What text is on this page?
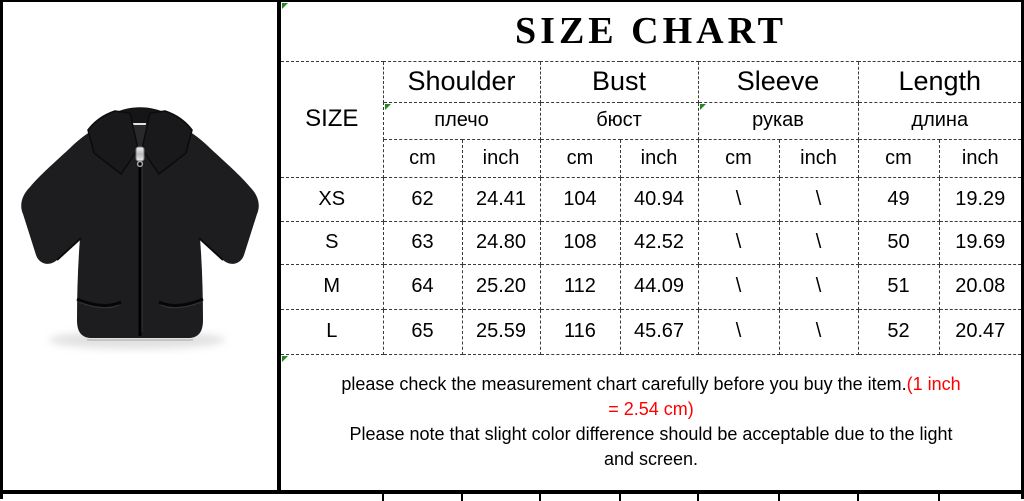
SIZE CHART								
SIZE	Shoulder		Bust		Sleeve		Length	
	плечо		бюст		рукав		длина	
	cm	inch	cm	inch	cm	inch	cm	inch
XS	62	24.41	104	40.94	\	\	49	19.29
S	63	24.80	108	42.52	\	\	50	19.69
M	64	25.20	112	44.09	\	\	51	20.08
L	65	25.59	116	45.67	\	\	52	20.47

please check the measurement chart carefully before you buy the item.(1 inch
= 2.54 cm)
Please note that slight color difference should be acceptable due to the light
and screen.								
